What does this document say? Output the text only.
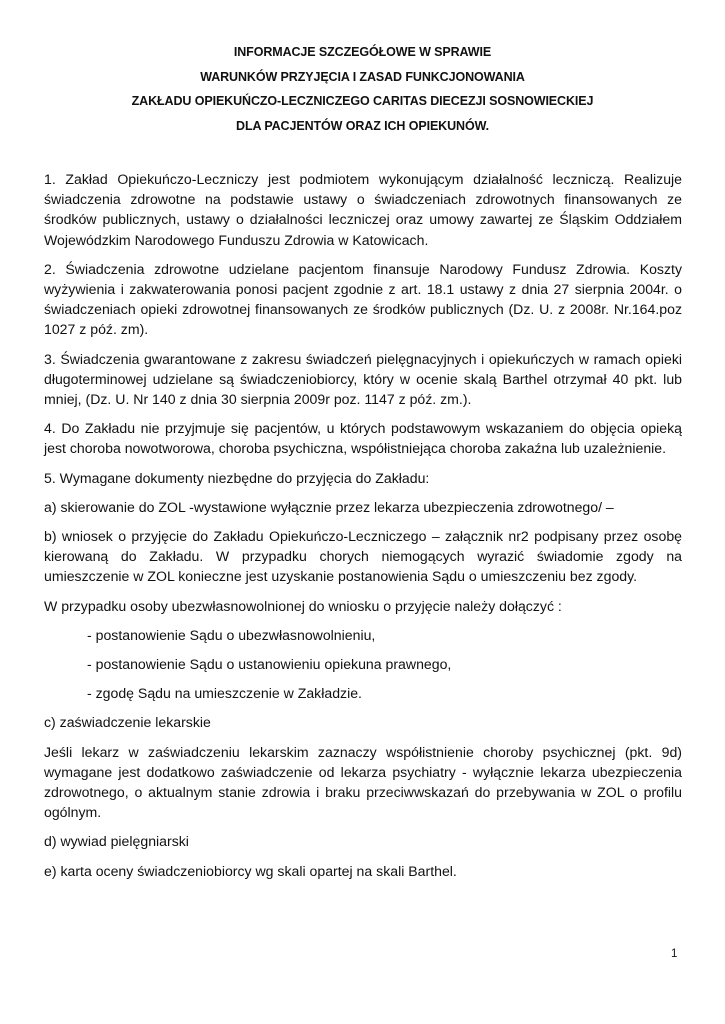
INFORMACJE SZCZEGÓŁOWE W SPRAWIE
WARUNKÓW PRZYJĘCIA I ZASAD FUNKCJONOWANIA
ZAKŁADU OPIEKUŃCZO-LECZNICZEGO CARITAS DIECEZJI SOSNOWIECKIEJ
DLA PACJENTÓW ORAZ ICH OPIEKUNÓW.

1. Zakład Opiekuńczo-Leczniczy jest podmiotem wykonującym działalność leczniczą. Realizuje świadczenia zdrowotne na podstawie ustawy o świadczeniach zdrowotnych finansowanych ze środków publicznych, ustawy o działalności leczniczej oraz umowy zawartej ze Śląskim Oddziałem Wojewódzkim Narodowego Funduszu Zdrowia w Katowicach.

2. Świadczenia zdrowotne udzielane pacjentom finansuje Narodowy Fundusz Zdrowia. Koszty wyżywienia i zakwaterowania ponosi pacjent zgodnie z art. 18.1 ustawy z dnia 27 sierpnia 2004r. o świadczeniach opieki zdrowotnej finansowanych ze środków publicznych (Dz. U. z 2008r. Nr.164.poz 1027 z póź. zm).

3. Świadczenia gwarantowane z zakresu świadczeń pielęgnacyjnych i opiekuńczych w ramach opieki długoterminowej udzielane są świadczeniobiorcy, który w ocenie skalą Barthel otrzymał 40 pkt. lub mniej, (Dz. U. Nr 140 z dnia 30 sierpnia 2009r poz. 1147 z póź. zm.).

4. Do Zakładu nie przyjmuje się pacjentów, u których podstawowym wskazaniem do objęcia opieką jest choroba nowotworowa, choroba psychiczna, współistniejąca choroba zakaźna lub uzależnienie.

5. Wymagane dokumenty niezbędne do przyjęcia do Zakładu:

a) skierowanie do ZOL -wystawione wyłącznie przez lekarza ubezpieczenia zdrowotnego/ –

b) wniosek o przyjęcie do Zakładu Opiekuńczo-Leczniczego – załącznik nr2 podpisany przez osobę kierowaną do Zakładu. W przypadku chorych niemogących wyrazić świadomie zgody na umieszczenie w ZOL konieczne jest uzyskanie postanowienia Sądu o umieszczeniu bez zgody.

W przypadku osoby ubezwłasnowolnionej do wniosku o przyjęcie należy dołączyć :

- postanowienie Sądu o ubezwłasnowolnieniu,

- postanowienie Sądu o ustanowieniu opiekuna prawnego,

- zgodę Sądu na umieszczenie w Zakładzie.

c) zaświadczenie lekarskie

Jeśli lekarz w zaświadczeniu lekarskim zaznaczy współistnienie choroby psychicznej (pkt. 9d) wymagane jest dodatkowo zaświadczenie od lekarza psychiatry - wyłącznie lekarza ubezpieczenia zdrowotnego, o aktualnym stanie zdrowia i braku przeciwwskazań do przebywania w ZOL o profilu ogólnym.

d) wywiad pielęgniarski

e) karta oceny świadczeniobiorcy wg skali opartej na skali Barthel.

1
